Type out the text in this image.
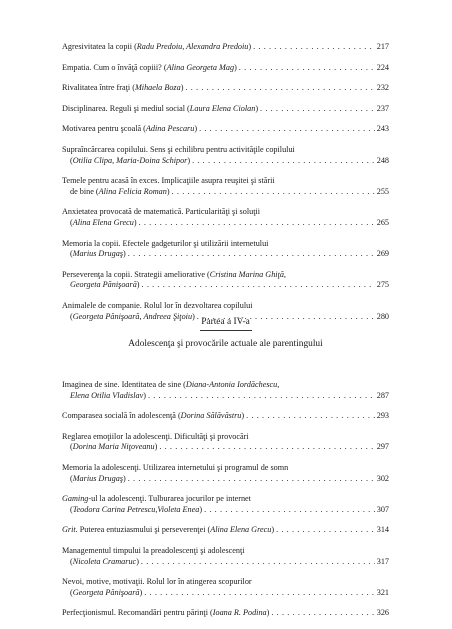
Agresivitatea la copii (Radu Predoiu, Alexandra Predoiu) . . .	217
Empatia. Cum o învăţă copiii? (Alina Georgeta Mag) . . .	224
Rivalitatea între fraţi (Mihaela Boza) . . .	232
Disciplinarea. Reguli şi mediul social (Laura Elena Ciolan) . . .	237
Motivarea pentru şcoală (Adina Pescaru) . . .	243
Supraîncărcarea copilului. Sens şi echilibru pentru activităţile copilului
(Otilia Clipa, Maria-Doina Schipor) . . .	248
Temele pentru acasă în exces. Implicaţiile asupra reuşitei şi stării
de bine (Alina Felicia Roman) . . .	255
Anxietatea provocată de matematică. Particularităţi şi soluţii
(Alina Elena Grecu) . . .	265
Memoria la copii. Efectele gadgeturilor şi utilizării internetului
(Marius Drugaş) . . .	269
Perseverenţa la copii. Strategii ameliorative (Cristina Marina Ghiţă,
Georgeta Pănişoară) . . .	275
Animalele de companie. Rolul lor în dezvoltarea copilului
(Georgeta Pănişoară, Andreea Şiţoiu) . . .	280
Partea a IV-a
Adolescenţa şi provocările actuale ale parentingului
Imaginea de sine. Identitatea de sine (Diana-Antonia Iordăchescu,
Elena Otilia Vladislav) . . .	287
Comparasea socială în adolescenţă (Dorina Sălăvăstru) . . .	293
Reglarea emoţiilor la adolescenţi. Dificultăţi şi provocări
(Dorina Maria Niţoveanu) . . .	297
Memoria la adolescenţi. Utilizarea internetului şi programul de somn
(Marius Drugaş) . . .	302
Gaming-ul la adolescenţi. Tulburarea jocurilor pe internet
(Teodora Carina Petrescu,Violeta Enea) . . .	307
Grit. Puterea entuziasmului şi perseverenţei (Alina Elena Grecu) . . .	314
Managementul timpului la preadolescenţi şi adolescenţi
(Nicoleta Cramaruc) . . .	317
Nevoi, motive, motivaţii. Rolul lor în atingerea scopurilor
(Georgeta Pănişoară) . . .	321
Perfecţionismul. Recomandări pentru părinţi (Ioana R. Podina) . . .	326
